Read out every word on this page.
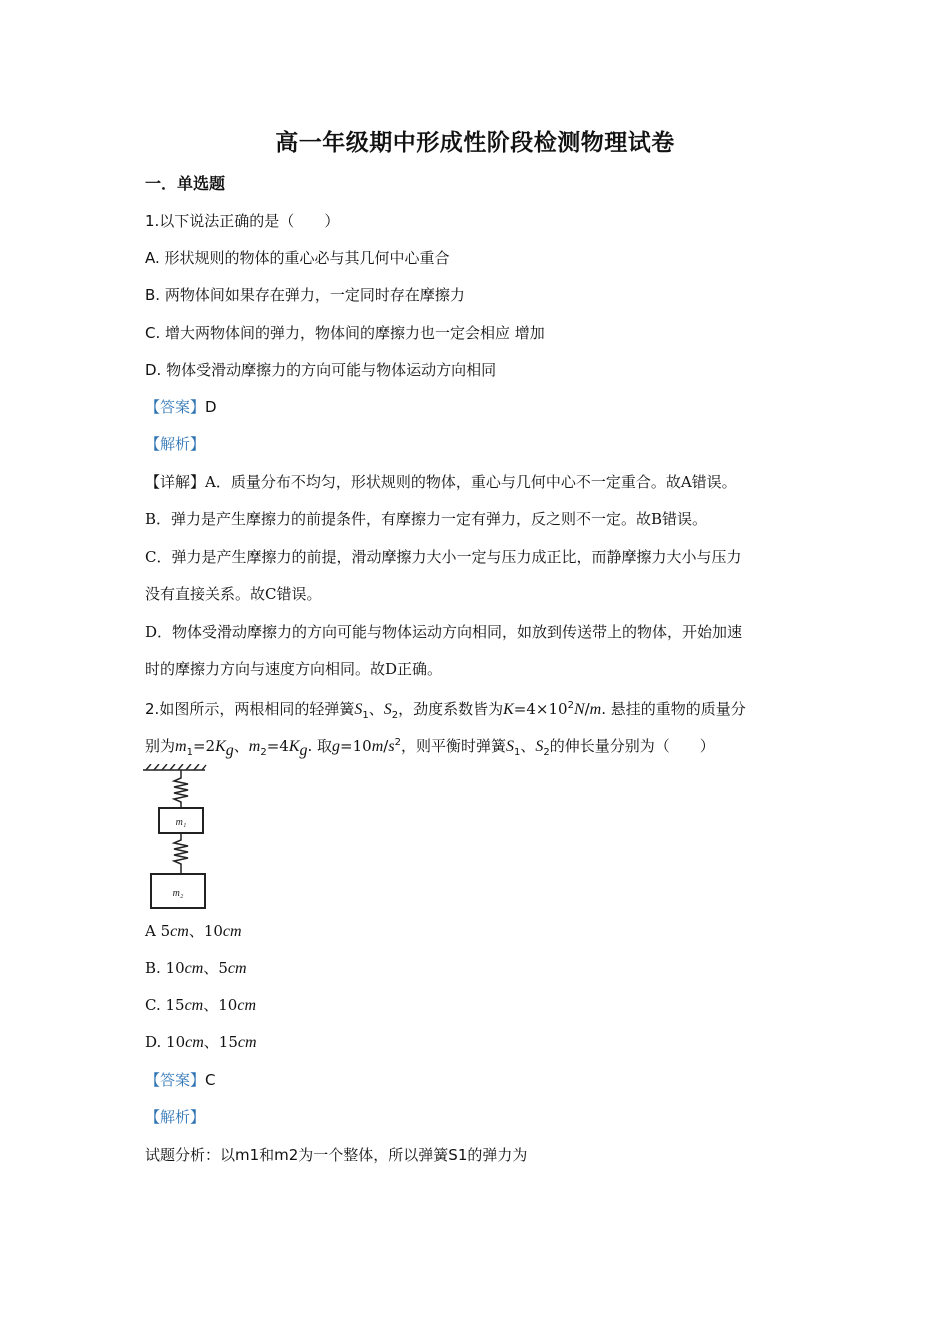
高一年级期中形成性阶段检测物理试卷
一．单选题
1.以下说法正确的是（　　）
A. 形状规则的物体的重心必与其几何中心重合
B. 两物体间如果存在弹力，一定同时存在摩擦力
C. 增大两物体间的弹力，物体间的摩擦力也一定会相应 增加
D. 物体受滑动摩擦力的方向可能与物体运动方向相同
【答案】D
【解析】
【详解】A．质量分布不均匀，形状规则的物体，重心与几何中心不一定重合。故A错误。
B．弹力是产生摩擦力的前提条件，有摩擦力一定有弹力，反之则不一定。故B错误。
C．弹力是产生摩擦力的前提，滑动摩擦力大小一定与压力成正比，而静摩擦力大小与压力
没有直接关系。故C错误。
D．物体受滑动摩擦力的方向可能与物体运动方向相同，如放到传送带上的物体，开始加速
时的摩擦力方向与速度方向相同。故D正确。
2.如图所示，两根相同的轻弹簧$S_1$、$S_2$，劲度系数皆为$K=4\times 10^2N/m$. 悬挂的重物的质量分
别为$m_1=2K_g$、$m_2=4K_g$. 取$g=10m/s^2$，则平衡时弹簧$S_1$、$S_2$的伸长量分别为（　　）
m₁
m₂
A 5cm、10cm
B. 10cm、5cm
C. 15cm、10cm
D. 10cm、15cm
【答案】C
【解析】
试题分析：以m1和m2为一个整体，所以弹簧S1的弹力为
